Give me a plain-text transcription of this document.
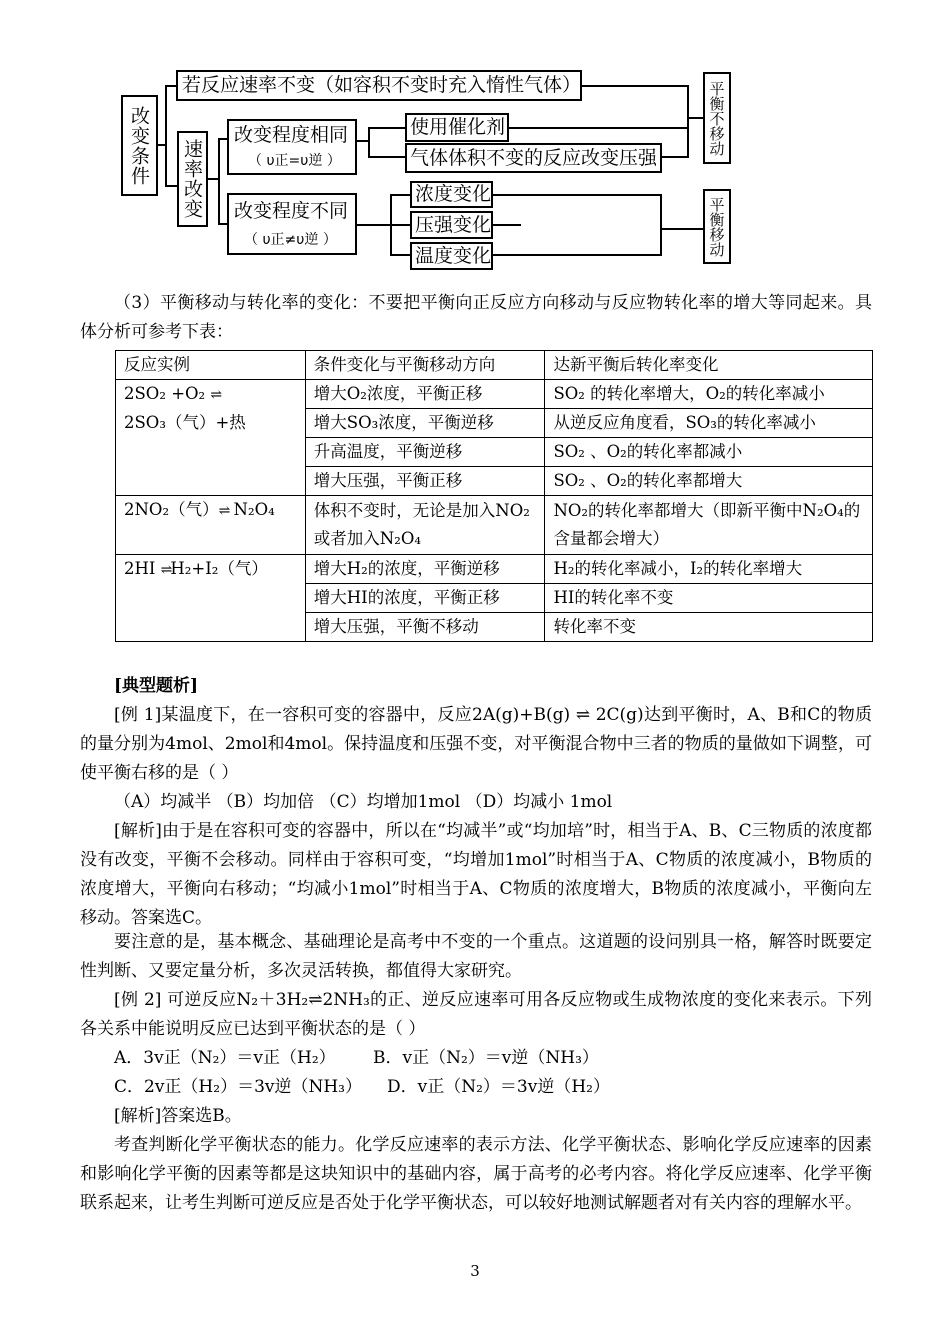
改变条件
若反应速率不变（如容积不变时充入惰性气体）
速率改变
改变程度相同
（ υ正=υ逆 ）
使用催化剂
气体体积不变的反应改变压强
平衡不移动
改变程度不同
（ υ正≠υ逆 ）
浓度变化
压强变化
温度变化	平衡移动
（3）平衡移动与转化率的变化：不要把平衡向正反应方向移动与反应物转化率的增大等同起来。具体分析可参考下表：
反应实例	条件变化与平衡移动方向	达新平衡后转化率变化

2SO₂ +O₂ ⇌
2SO₃（气）+热	增大O₂浓度，平衡正移	SO₂ 的转化率增大，O₂的转化率减小
	增大SO₃浓度，平衡逆移	从逆反应角度看，SO₃的转化率减小
	升高温度，平衡逆移	SO₂ 、O₂的转化率都减小
	增大压强，平衡正移	SO₂ 、O₂的转化率都增大
2NO₂（气）⇌ N₂O₄	体积不变时，无论是加入NO₂或者加入N₂O₄	NO₂的转化率都增大（即新平衡中N₂O₄的含量都会增大）
2HI ⇌H₂+I₂（气）	增大H₂的浓度，平衡逆移	H₂的转化率减小，I₂的转化率增大
	增大HI的浓度，平衡正移	HI的转化率不变
	增大压强，平衡不移动	转化率不变
[典型题析]
[例 1]某温度下，在一容积可变的容器中，反应2A(g)+B(g) ⇌ 2C(g)达到平衡时，A、B和C的物质的量分别为4mol、2mol和4mol。保持温度和压强不变，对平衡混合物中三者的物质的量做如下调整，可使平衡右移的是（ ）
（A）均减半 （B）均加倍 （C）均增加1mol （D）均减小 1mol
[解析]由于是在容积可变的容器中，所以在“均减半”或“均加培”时，相当于A、B、C三物质的浓度都没有改变，平衡不会移动。同样由于容积可变，“均增加1mol”时相当于A、C物质的浓度减小，B物质的浓度增大，平衡向右移动；“均减小1mol”时相当于A、C物质的浓度增大，B物质的浓度减小，平衡向左移动。答案选C。
要注意的是，基本概念、基础理论是高考中不变的一个重点。这道题的设问别具一格，解答时既要定性判断、又要定量分析，多次灵活转换，都值得大家研究。
[例 2] 可逆反应N₂＋3H₂⇌2NH₃的正、逆反应速率可用各反应物或生成物浓度的变化来表示。下列各关系中能说明反应已达到平衡状态的是（ ）
A．3v正（N₂）＝v正（H₂）	B．v正（N₂）＝v逆（NH₃）
C．2v正（H₂）＝3v逆（NH₃）	D．v正（N₂）＝3v逆（H₂）
[解析]答案选B。
考查判断化学平衡状态的能力。化学反应速率的表示方法、化学平衡状态、影响化学反应速率的因素和影响化学平衡的因素等都是这块知识中的基础内容，属于高考的必考内容。将化学反应速率、化学平衡联系起来，让考生判断可逆反应是否处于化学平衡状态，可以较好地测试解题者对有关内容的理解水平。
3
